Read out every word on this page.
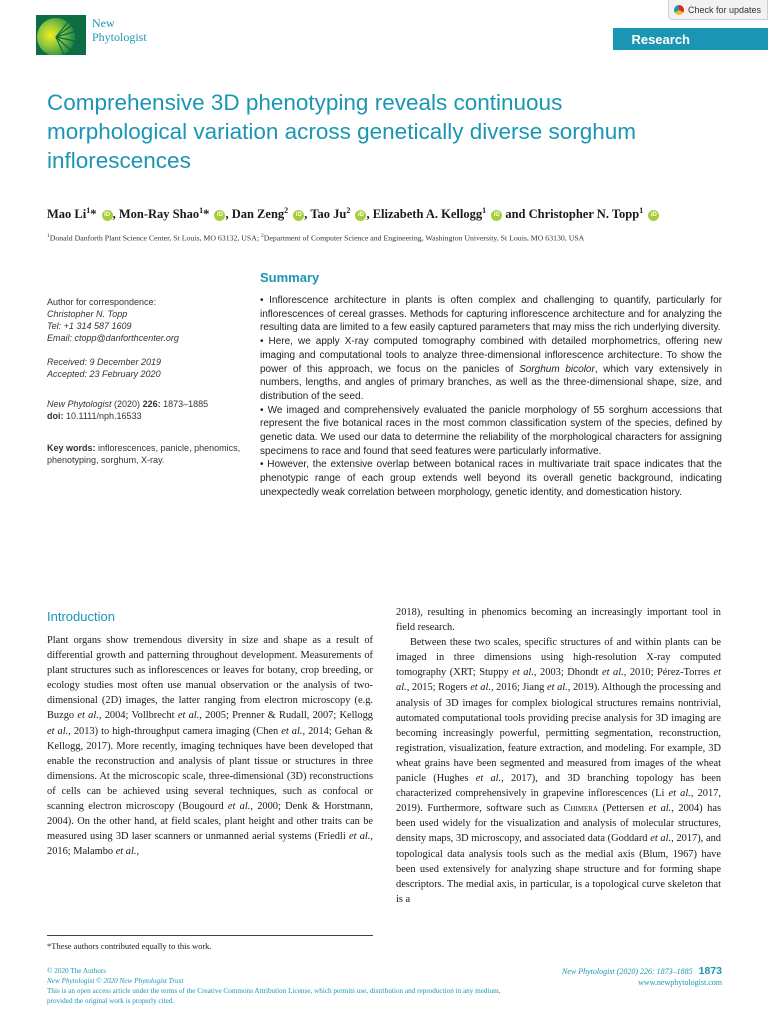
New
Phytologist
Check for updates
Research
Comprehensive 3D phenotyping reveals continuous morphological variation across genetically diverse sorghum inflorescences
Mao Li$^1$* iD , Mon-Ray Shao$^1$* iD , Dan Zeng$^2$ iD , Tao Ju$^2$ iD , Elizabeth A. Kellogg$^1$ iD and Christopher N. Topp$^1$ iD
$^1$Donald Danforth Plant Science Center, St Louis, MO 63132, USA; $^2$Department of Computer Science and Engineering, Washington University, St Louis, MO 63130, USA
Summary
Author for correspondence:
Christopher N. Topp
Tel: +1 314 587 1609
Email: ctopp@danforthcenter.org
Received: 9 December 2019
Accepted: 23 February 2020
New Phytologist (2020) 226: 1873–1885
doi: 10.1111/nph.16533
Key words: inflorescences, panicle, phenomics, phenotyping, sorghum, X-ray.

• Inflorescence architecture in plants is often complex and challenging to quantify, particularly for inflorescences of cereal grasses. Methods for capturing inflorescence architecture and for analyzing the resulting data are limited to a few easily captured parameters that may miss the rich underlying diversity.

• Here, we apply X-ray computed tomography combined with detailed morphometrics, offering new imaging and computational tools to analyze three-dimensional inflorescence architecture. To show the power of this approach, we focus on the panicles of Sorghum bicolor, which vary extensively in numbers, lengths, and angles of primary branches, as well as the three-dimensional shape, size, and distribution of the seed.

• We imaged and comprehensively evaluated the panicle morphology of 55 sorghum accessions that represent the five botanical races in the most common classification system of the species, defined by genetic data. We used our data to determine the reliability of the morphological characters for assigning specimens to race and found that seed features were particularly informative.

• However, the extensive overlap between botanical races in multivariate trait space indicates that the phenotypic range of each group extends well beyond its overall genetic background, indicating unexpectedly weak correlation between morphology, genetic identity, and domestication history.

Introduction

Plant organs show tremendous diversity in size and shape as a result of differential growth and patterning throughout development. Measurements of plant structures such as inflorescences or leaves for botany, crop breeding, or ecology studies most often use manual observation or the analysis of two-dimensional (2D) images, the latter ranging from electron microscopy (e.g. Buzgo et al., 2004; Vollbrecht et al., 2005; Prenner & Rudall, 2007; Kellogg et al., 2013) to high-throughput camera imaging (Chen et al., 2014; Gehan & Kellogg, 2017). More recently, imaging techniques have been developed that enable the reconstruction and analysis of plant tissue or structures in three dimensions. At the microscopic scale, three-dimensional (3D) reconstructions of cells can be achieved using several techniques, such as confocal or scanning electron microscopy (Bougourd et al., 2000; Denk & Horstmann, 2004). On the other hand, at field scales, plant height and other traits can be measured using 3D laser scanners or unmanned aerial systems (Friedli et al., 2016; Malambo et al.,

2018), resulting in phenomics becoming an increasingly important tool in field research.

Between these two scales, specific structures of and within plants can be imaged in three dimensions using high-resolution X-ray computed tomography (XRT; Stuppy et al., 2003; Dhondt et al., 2010; Pérez-Torres et al., 2015; Rogers et al., 2016; Jiang et al., 2019). Although the processing and analysis of 3D images for complex biological structures remains nontrivial, automated computational tools providing precise analysis for 3D imaging are becoming increasingly powerful, permitting segmentation, reconstruction, registration, visualization, feature extraction, and modeling. For example, 3D wheat grains have been segmented and measured from images of the wheat panicle (Hughes et al., 2017), and 3D branching topology has been characterized comprehensively in grapevine inflorescences (Li et al., 2017, 2019). Furthermore, software such as Chimera (Pettersen et al., 2004) has been used widely for the visualization and analysis of molecular structures, density maps, 3D microscopy, and associated data (Goddard et al., 2017), and topological data analysis tools such as the medial axis (Blum, 1967) have been used extensively for analyzing shape structure and for forming shape descriptors. The medial axis, in particular, is a topological curve skeleton that is a

*These authors contributed equally to this work.
© 2020 The Authors
New Phytologist © 2020 New Phytologist Trust
This is an open access article under the terms of the Creative Commons Attribution License, which permits use, distribution and reproduction in any medium, provided the original work is properly cited.
New Phytologist (2020) 226: 1873–1885 1873
www.newphytologist.com
